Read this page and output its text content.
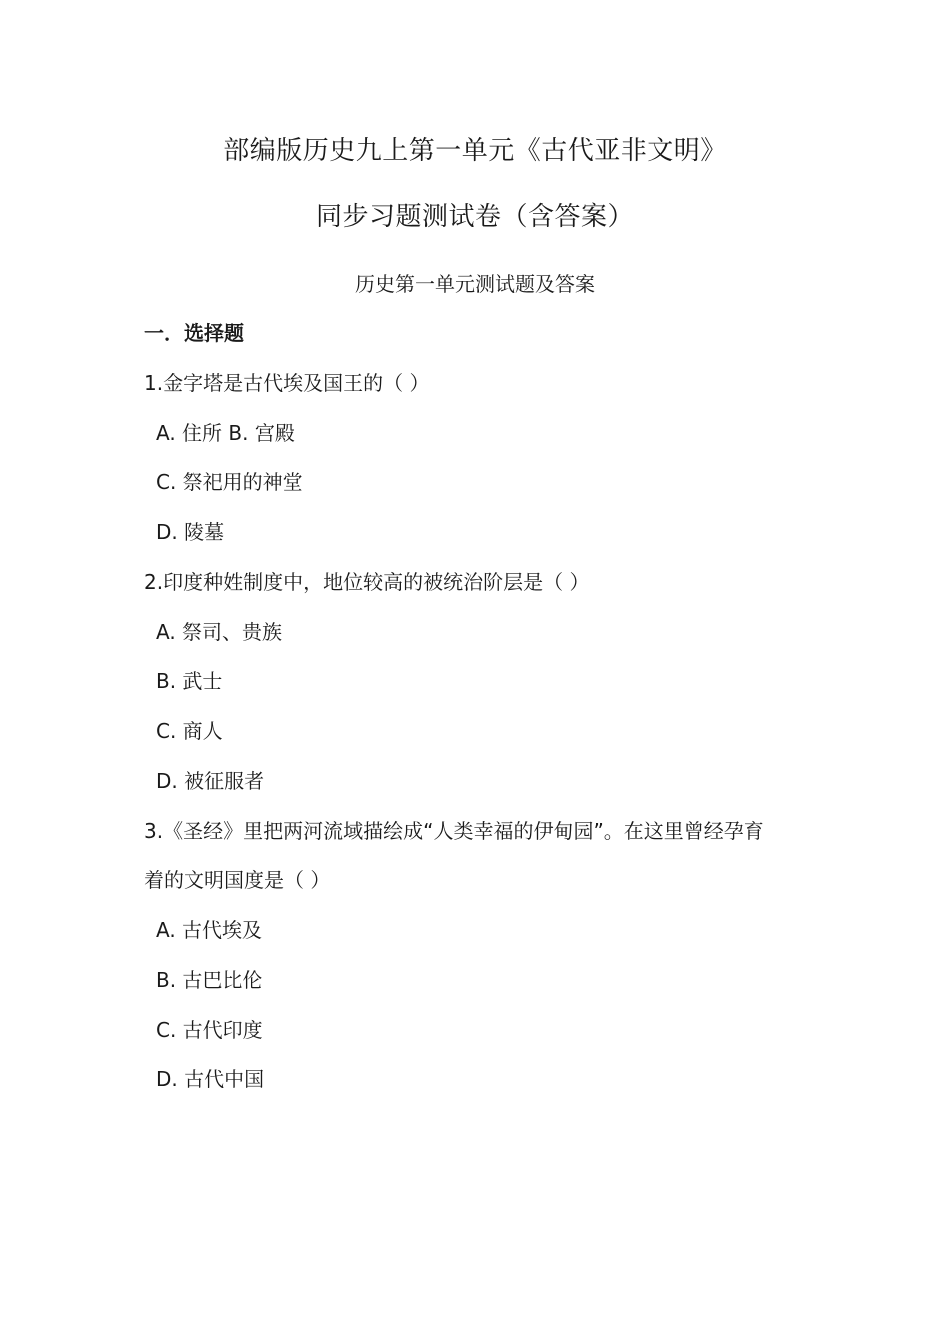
部编版历史九上第一单元《古代亚非文明》
同步习题测试卷（含答案）
历史第一单元测试题及答案
一．选择题
1.金字塔是古代埃及国王的（ ）
A. 住所 B. 宫殿
C. 祭祀用的神堂
D. 陵墓
2.印度种姓制度中，地位较高的被统治阶层是（ ）
A. 祭司、贵族
B. 武士
C. 商人
D. 被征服者
3.《圣经》里把两河流域描绘成“人类幸福的伊甸园”。在这里曾经孕育
着的文明国度是（ ）
A. 古代埃及
B. 古巴比伦
C. 古代印度
D. 古代中国
